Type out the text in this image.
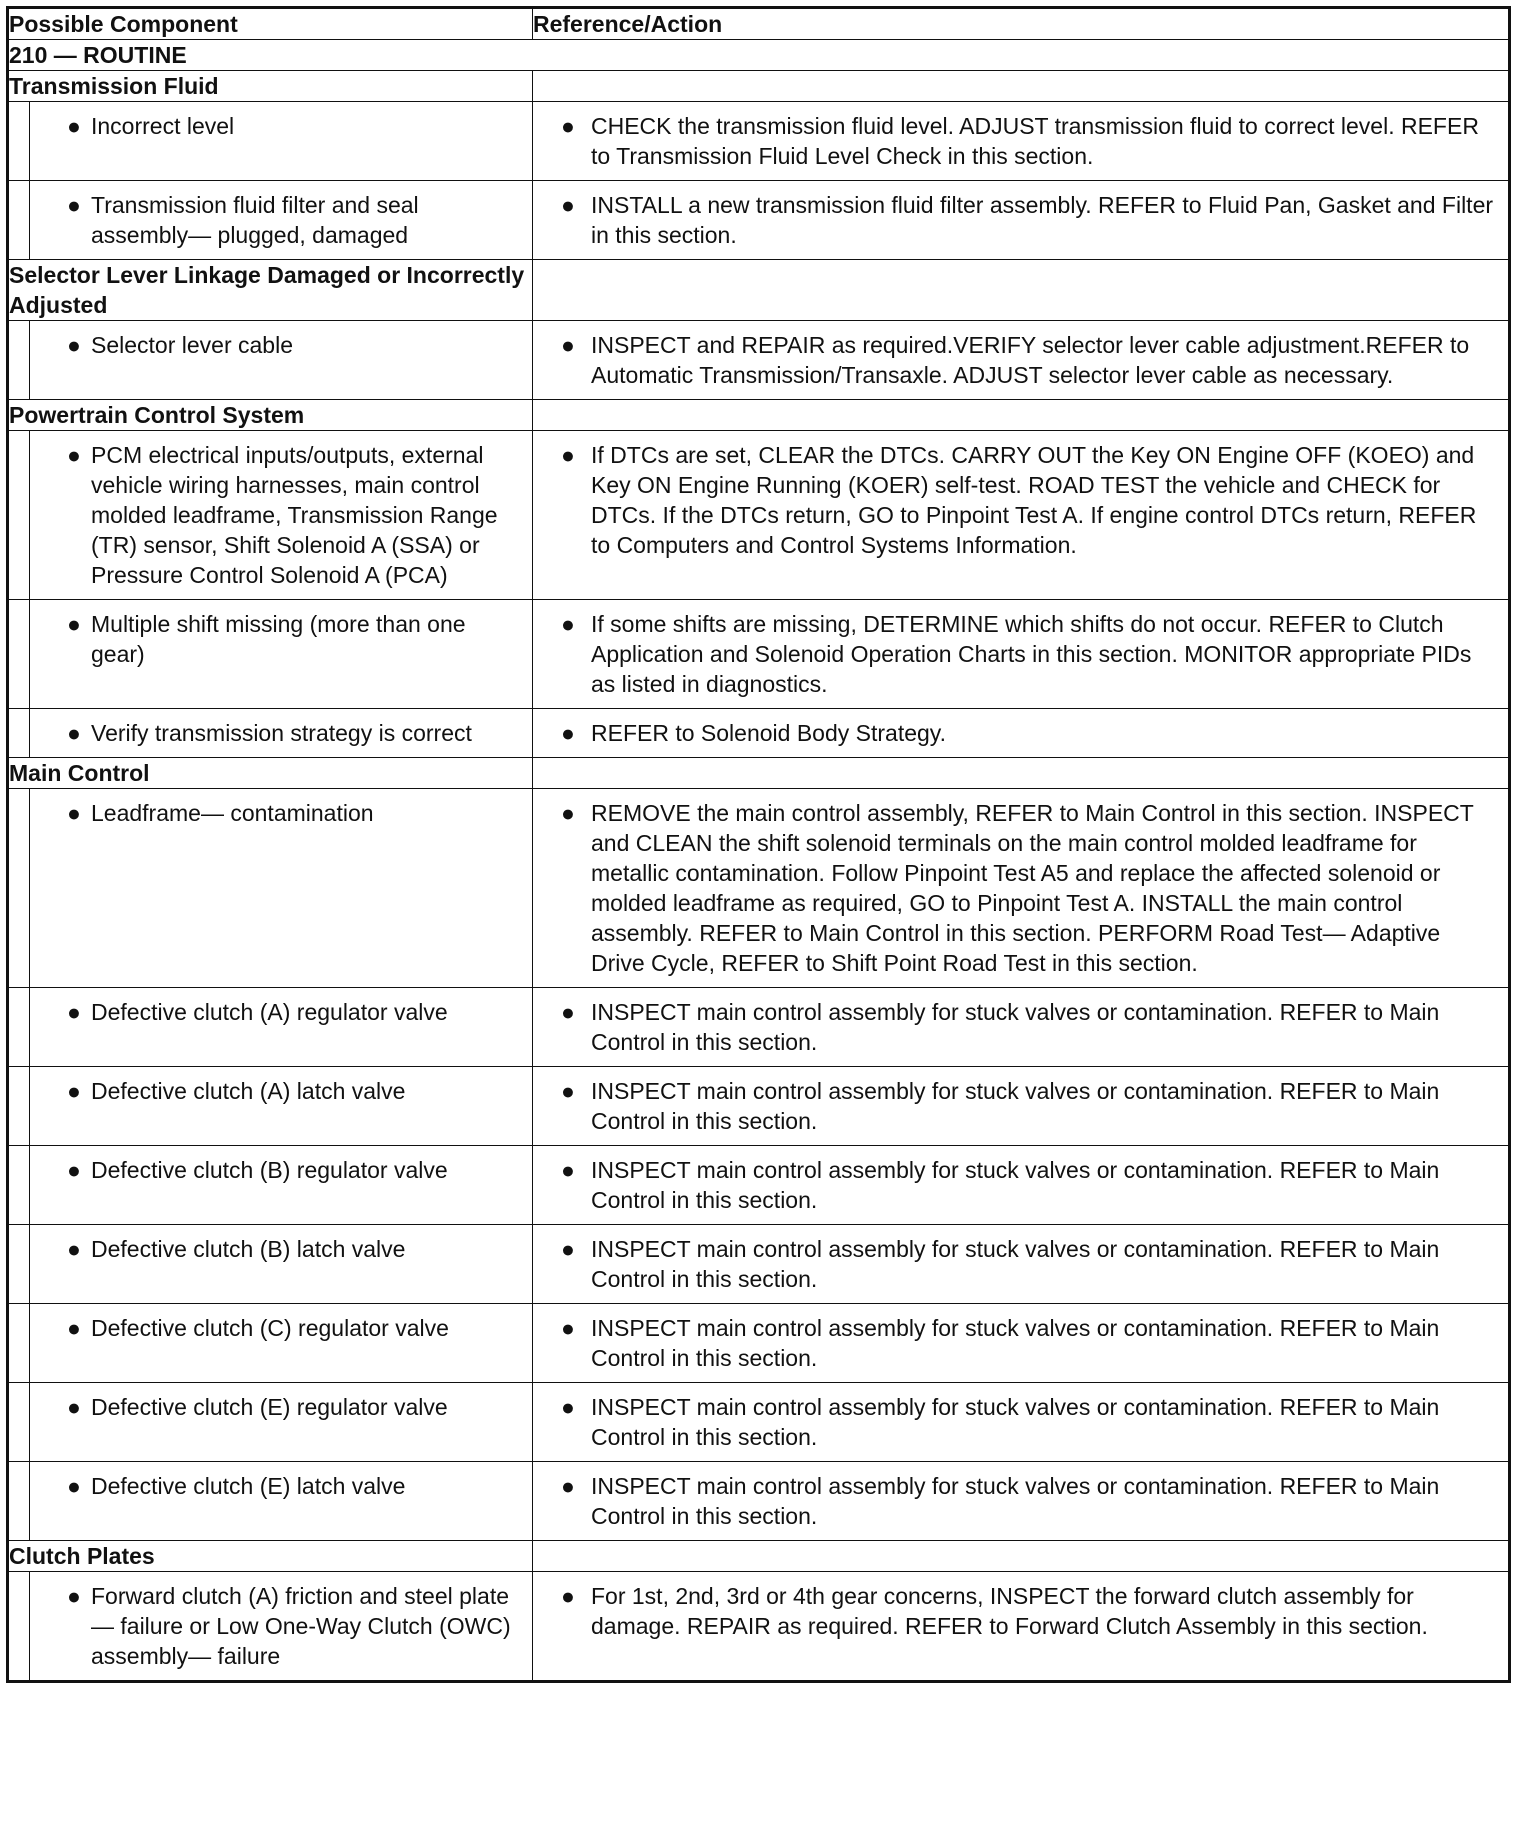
Possible Component	Reference/Action
210 — ROUTINE	
Transmission Fluid	

● Incorrect level	● CHECK the transmission fluid level. ADJUST transmission fluid to correct level. REFER to Transmission Fluid Level Check in this section.

● Transmission fluid filter and seal assembly— plugged, damaged	● INSTALL a new transmission fluid filter assembly. REFER to Fluid Pan, Gasket and Filter in this section.

Selector Lever Linkage Damaged or Incorrectly Adjusted	

● Selector lever cable	● INSPECT and REPAIR as required.VERIFY selector lever cable adjustment.REFER to Automatic Transmission/Transaxle. ADJUST selector lever cable as necessary.

Powertrain Control System	

● PCM electrical inputs/outputs, external vehicle wiring harnesses, main control molded leadframe, Transmission Range (TR) sensor, Shift Solenoid A (SSA) or Pressure Control Solenoid A (PCA)	● If DTCs are set, CLEAR the DTCs. CARRY OUT the Key ON Engine OFF (KOEO) and Key ON Engine Running (KOER) self-test. ROAD TEST the vehicle and CHECK for DTCs. If the DTCs return, GO to Pinpoint Test A. If engine control DTCs return, REFER to Computers and Control Systems Information.

● Multiple shift missing (more than one gear)	● If some shifts are missing, DETERMINE which shifts do not occur. REFER to Clutch Application and Solenoid Operation Charts in this section. MONITOR appropriate PIDs as listed in diagnostics.

● Verify transmission strategy is correct	● REFER to Solenoid Body Strategy.

Main Control	

● Leadframe— contamination	● REMOVE the main control assembly, REFER to Main Control in this section. INSPECT and CLEAN the shift solenoid terminals on the main control molded leadframe for metallic contamination. Follow Pinpoint Test A5 and replace the affected solenoid or molded leadframe as required, GO to Pinpoint Test A. INSTALL the main control assembly. REFER to Main Control in this section. PERFORM Road Test— Adaptive Drive Cycle, REFER to Shift Point Road Test in this section.

● Defective clutch (A) regulator valve	● INSPECT main control assembly for stuck valves or contamination. REFER to Main Control in this section.

● Defective clutch (A) latch valve	● INSPECT main control assembly for stuck valves or contamination. REFER to Main Control in this section.

● Defective clutch (B) regulator valve	● INSPECT main control assembly for stuck valves or contamination. REFER to Main Control in this section.

● Defective clutch (B) latch valve	● INSPECT main control assembly for stuck valves or contamination. REFER to Main Control in this section.

● Defective clutch (C) regulator valve	● INSPECT main control assembly for stuck valves or contamination. REFER to Main Control in this section.

● Defective clutch (E) regulator valve	● INSPECT main control assembly for stuck valves or contamination. REFER to Main Control in this section.

● Defective clutch (E) latch valve	● INSPECT main control assembly for stuck valves or contamination. REFER to Main Control in this section.

Clutch Plates	

● Forward clutch (A) friction and steel plate— failure or Low One-Way Clutch (OWC) assembly— failure	● For 1st, 2nd, 3rd or 4th gear concerns, INSPECT the forward clutch assembly for damage. REPAIR as required. REFER to Forward Clutch Assembly in this section.
